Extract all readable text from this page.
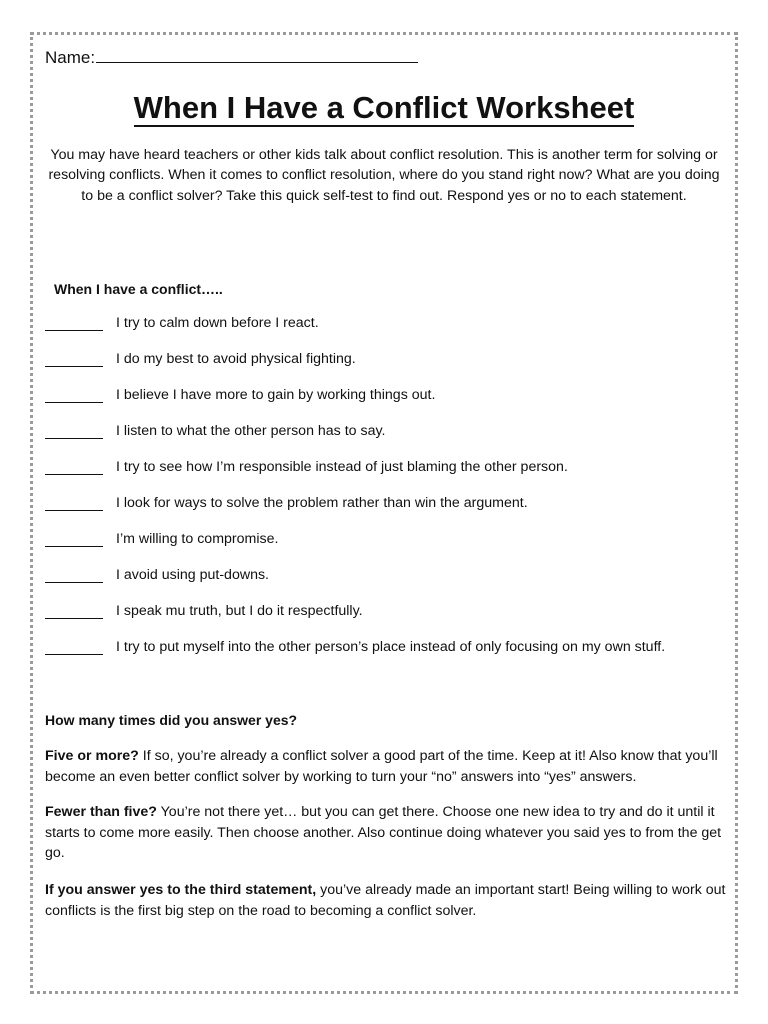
Name:
When I Have a Conflict Worksheet
You may have heard teachers or other kids talk about conflict resolution. This is another term for solving or resolving conflicts. When it comes to conflict resolution, where do you stand right now? What are you doing to be a conflict solver? Take this quick self-test to find out. Respond yes or no to each statement.
When I have a conflict…..
I try to calm down before I react.
I do my best to avoid physical fighting.
I believe I have more to gain by working things out.
I listen to what the other person has to say.
I try to see how I’m responsible instead of just blaming the other person.
I look for ways to solve the problem rather than win the argument.
I’m willing to compromise.
I avoid using put-downs.
I speak mu truth, but I do it respectfully.
I try to put myself into the other person’s place instead of only focusing on my own stuff.
How many times did you answer yes?
Five or more? If so, you’re already a conflict solver a good part of the time. Keep at it! Also know that you’ll become an even better conflict solver by working to turn your “no” answers into “yes” answers.
Fewer than five? You’re not there yet… but you can get there. Choose one new idea to try and do it until it starts to come more easily. Then choose another. Also continue doing whatever you said yes to from the get go.
If you answer yes to the third statement, you’ve already made an important start! Being willing to work out conflicts is the first big step on the road to becoming a conflict solver.
